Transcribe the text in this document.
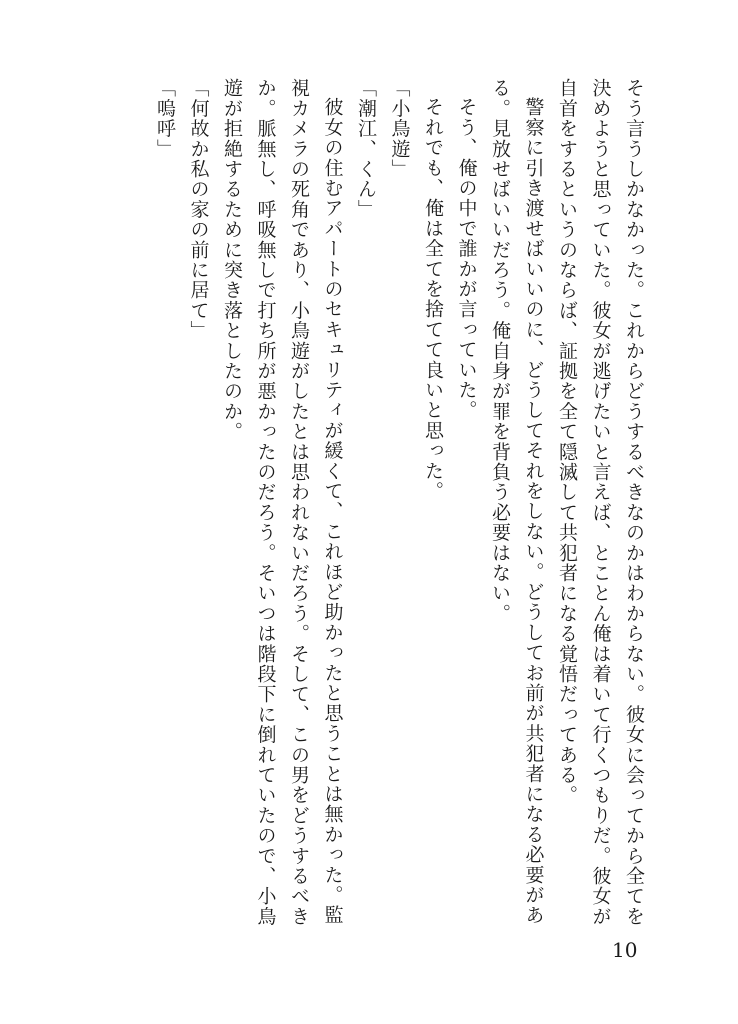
そう言うしかなかった。これからどうするべきなのかはわからない。彼女に会ってから全てを決めようと思っていた。彼女が逃げたいと言えば、とことん俺は着いて行くつもりだ。彼女が自首をするというのならば、証拠を全て隠滅して共犯者になる覚悟だってある。

警察に引き渡せばいいのに、どうしてそれをしない。どうしてお前が共犯者になる必要がある。見放せばいいだろう。俺自身が罪を背負う必要はない。

そう、俺の中で誰かが言っていた。

それでも、俺は全てを捨てて良いと思った。

「小鳥遊」

「潮江、くん」

彼女の住むアパートのセキュリティが緩くて、これほど助かったと思うことは無かった。監視カメラの死角であり、小鳥遊がしたとは思われないだろう。そして、この男をどうするべきか。脈無し、呼吸無しで打ち所が悪かったのだろう。そいつは階段下に倒れていたので、小鳥遊が拒絶するために突き落としたのか。

「何故か私の家の前に居て」

「嗚呼」

10
